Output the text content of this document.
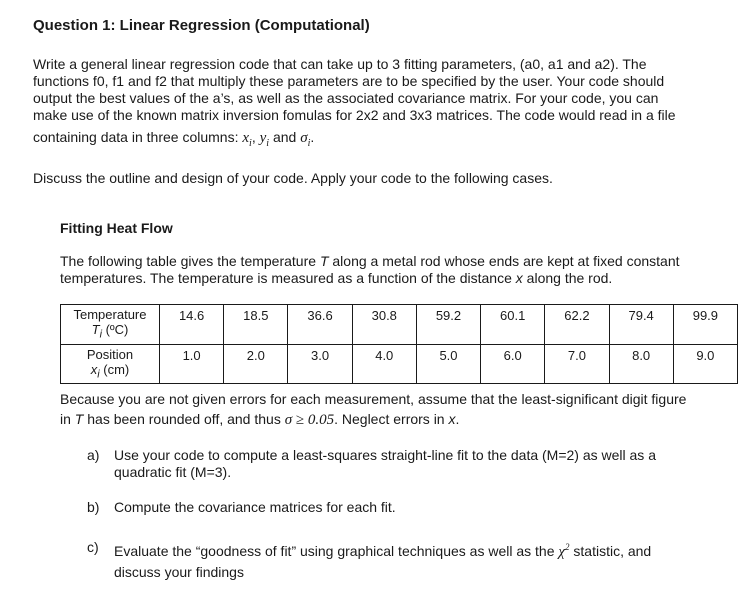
Question 1: Linear Regression (Computational)
Write a general linear regression code that can take up to 3 fitting parameters, (a0, a1 and a2). The
functions f0, f1 and f2 that multiply these parameters are to be specified by the user. Your code should
output the best values of the a’s, as well as the associated covariance matrix. For your code, you can
make use of the known matrix inversion fomulas for 2x2 and 3x3 matrices. The code would read in a file
containing data in three columns: $x_i$, $y_i$ and $\sigma_i$.
Discuss the outline and design of your code. Apply your code to the following cases.
Fitting Heat Flow
The following table gives the temperature T along a metal rod whose ends are kept at fixed constant
temperatures. The temperature is measured as a function of the distance x along the rod.
Temperature
$T_i$ (ºC)	14.6	18.5	36.6	30.8	59.2	60.1	62.2	79.4	99.9

Position
$x_i$ (cm)	1.0	2.0	3.0	4.0	5.0	6.0	7.0	8.0	9.0
Because you are not given errors for each measurement, assume that the least-significant digit figure
in T has been rounded off, and thus σ ≥ 0.05. Neglect errors in x.
a) Use your code to compute a least-squares straight-line fit to the data (M=2) as well as a
quadratic fit (M=3).
b) Compute the covariance matrices for each fit.
c) Evaluate the “goodness of fit” using graphical techniques as well as the $\chi^2$ statistic, and
discuss your findings
